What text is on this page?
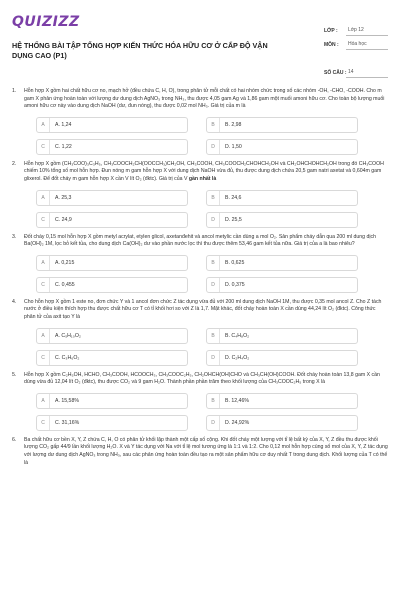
QUIZIZZ
HỆ THỐNG BÀI TẬP TỔNG HỢP KIẾN THỨC HÓA HỮU CƠ Ở CẤP ĐỘ VẬN DỤNG CAO (P1)
LỚP :	Lớp 12
MÔN :	Hóa học
SỐ CÂU : 14
1. Hỗn hợp X gồm hai chất hữu cơ no, mạch hở (đều chứa C, H, O), trong phân tử mỗi chất có hai nhóm chức trong số các nhóm -OH, -CHO, -COOH. Cho m gam X phản ứng hoàn toàn với lượng dư dung dịch AgNO₃ trong NH₃, thu được 4,05 gam Ag và 1,86 gam một muối amoni hữu cơ. Cho toàn bộ lượng muối amoni hữu cơ này vào dung dịch NaOH (dư, đun nóng), thu được 0,02 mol NH₃. Giá trị của m là
A	A. 1,24	B	B. 2,98
C	C. 1,22	D	D. 1,50
2. Hỗn hợp X gồm (CH₃COO)₃C₃H₅, CH₃COOCH₂CH(OOCCH₃)CH₂OH, CH₃COOH, CH₃COOCH₂CHOHCH₂OH và CH₂OHCHOHCH₂OH trong đó CH₃COOH chiếm 10% tổng số mol hỗn hợp. Đun nóng m gam hỗn hợp X với dung dịch NaOH vừa đủ, thu được dung dịch chứa 20,5 gam natri axetat và 0,604m gam glixerol. Để đốt cháy m gam hỗn hợp X cần V lít O₂ (đktc). Giá trị của V gần nhất là
A	A. 25,3	B	B. 24,6
C	C. 24,9	D	D. 25,5
3. Đốt cháy 0,15 mol hỗn hợp X gồm metyl acrylat, etylen glicol, axetanđehit và ancol metylic cần dùng a mol O₂. Sản phẩm cháy dẫn qua 200 ml dung dịch Ba(OH)₂ 1M, lọc bỏ kết tủa, cho dung dịch Ca(OH)₂ dư vào phần nước lọc thì thu được thêm 53,46 gam kết tủa nữa. Giá trị của a là bao nhiêu?
A	A. 0,215	B	B. 0,625
C	C. 0,455	D	D. 0,375
4. Cho hỗn hợp X gồm 1 este no, đơn chức Y và 1 ancol đơn chức Z tác dụng vừa đủ với 200 ml dung dịch NaOH 1M, thu được 0,35 mol ancol Z. Cho Z tách nước ở điều kiện thích hợp thu được chất hữu cơ T có tỉ khối hơi so với Z là 1,7. Mặt khác, đốt cháy hoàn toàn X cần dùng 44,24 lít O₂ (đktc). Công thức phân tử của axit tạo Y là
A	A. C₅H₁₀O₂	B	B. C₄H₈O₂
C	C. C₃H₆O₂	D	D. C₂H₄O₂
5. Hỗn hợp X gồm C₂H₅OH, HCHO, CH₃COOH, HCOOCH₃, CH₃COOC₂H₅, CH₂OHCH(OH)CHO và CH₃CH(OH)COOH. Đốt cháy hoàn toàn 13,8 gam X cần dùng vừa đủ 12,04 lít O₂ (đktc), thu được CO₂ và 9 gam H₂O. Thành phần phần trăm theo khối lượng của CH₃COOC₂H₅ trong X là
A	A. 15,58%	B	B. 12,46%
C	C. 31,16%	D	D. 24,92%
6. Ba chất hữu cơ bền X, Y, Z chứa C, H, O có phân tử khối lập thành một cấp số cộng. Khi đốt cháy một lượng với tỉ lệ bất kỳ của X, Y, Z đều thu được khối lượng CO₂ gấp 44/9 lần khối lượng H₂O. X và Y tác dụng với Na với tỉ lệ mol tương ứng là 1:1 và 1:2. Cho 0,12 mol hỗn hợp cùng số mol của X, Y, Z tác dụng với lượng dư dung dịch AgNO₃ trong NH₃, sau các phản ứng hoàn toàn đều tạo ra một sản phẩm hữu cơ duy nhất T trong dung dịch. Khối lượng của T có thể là
